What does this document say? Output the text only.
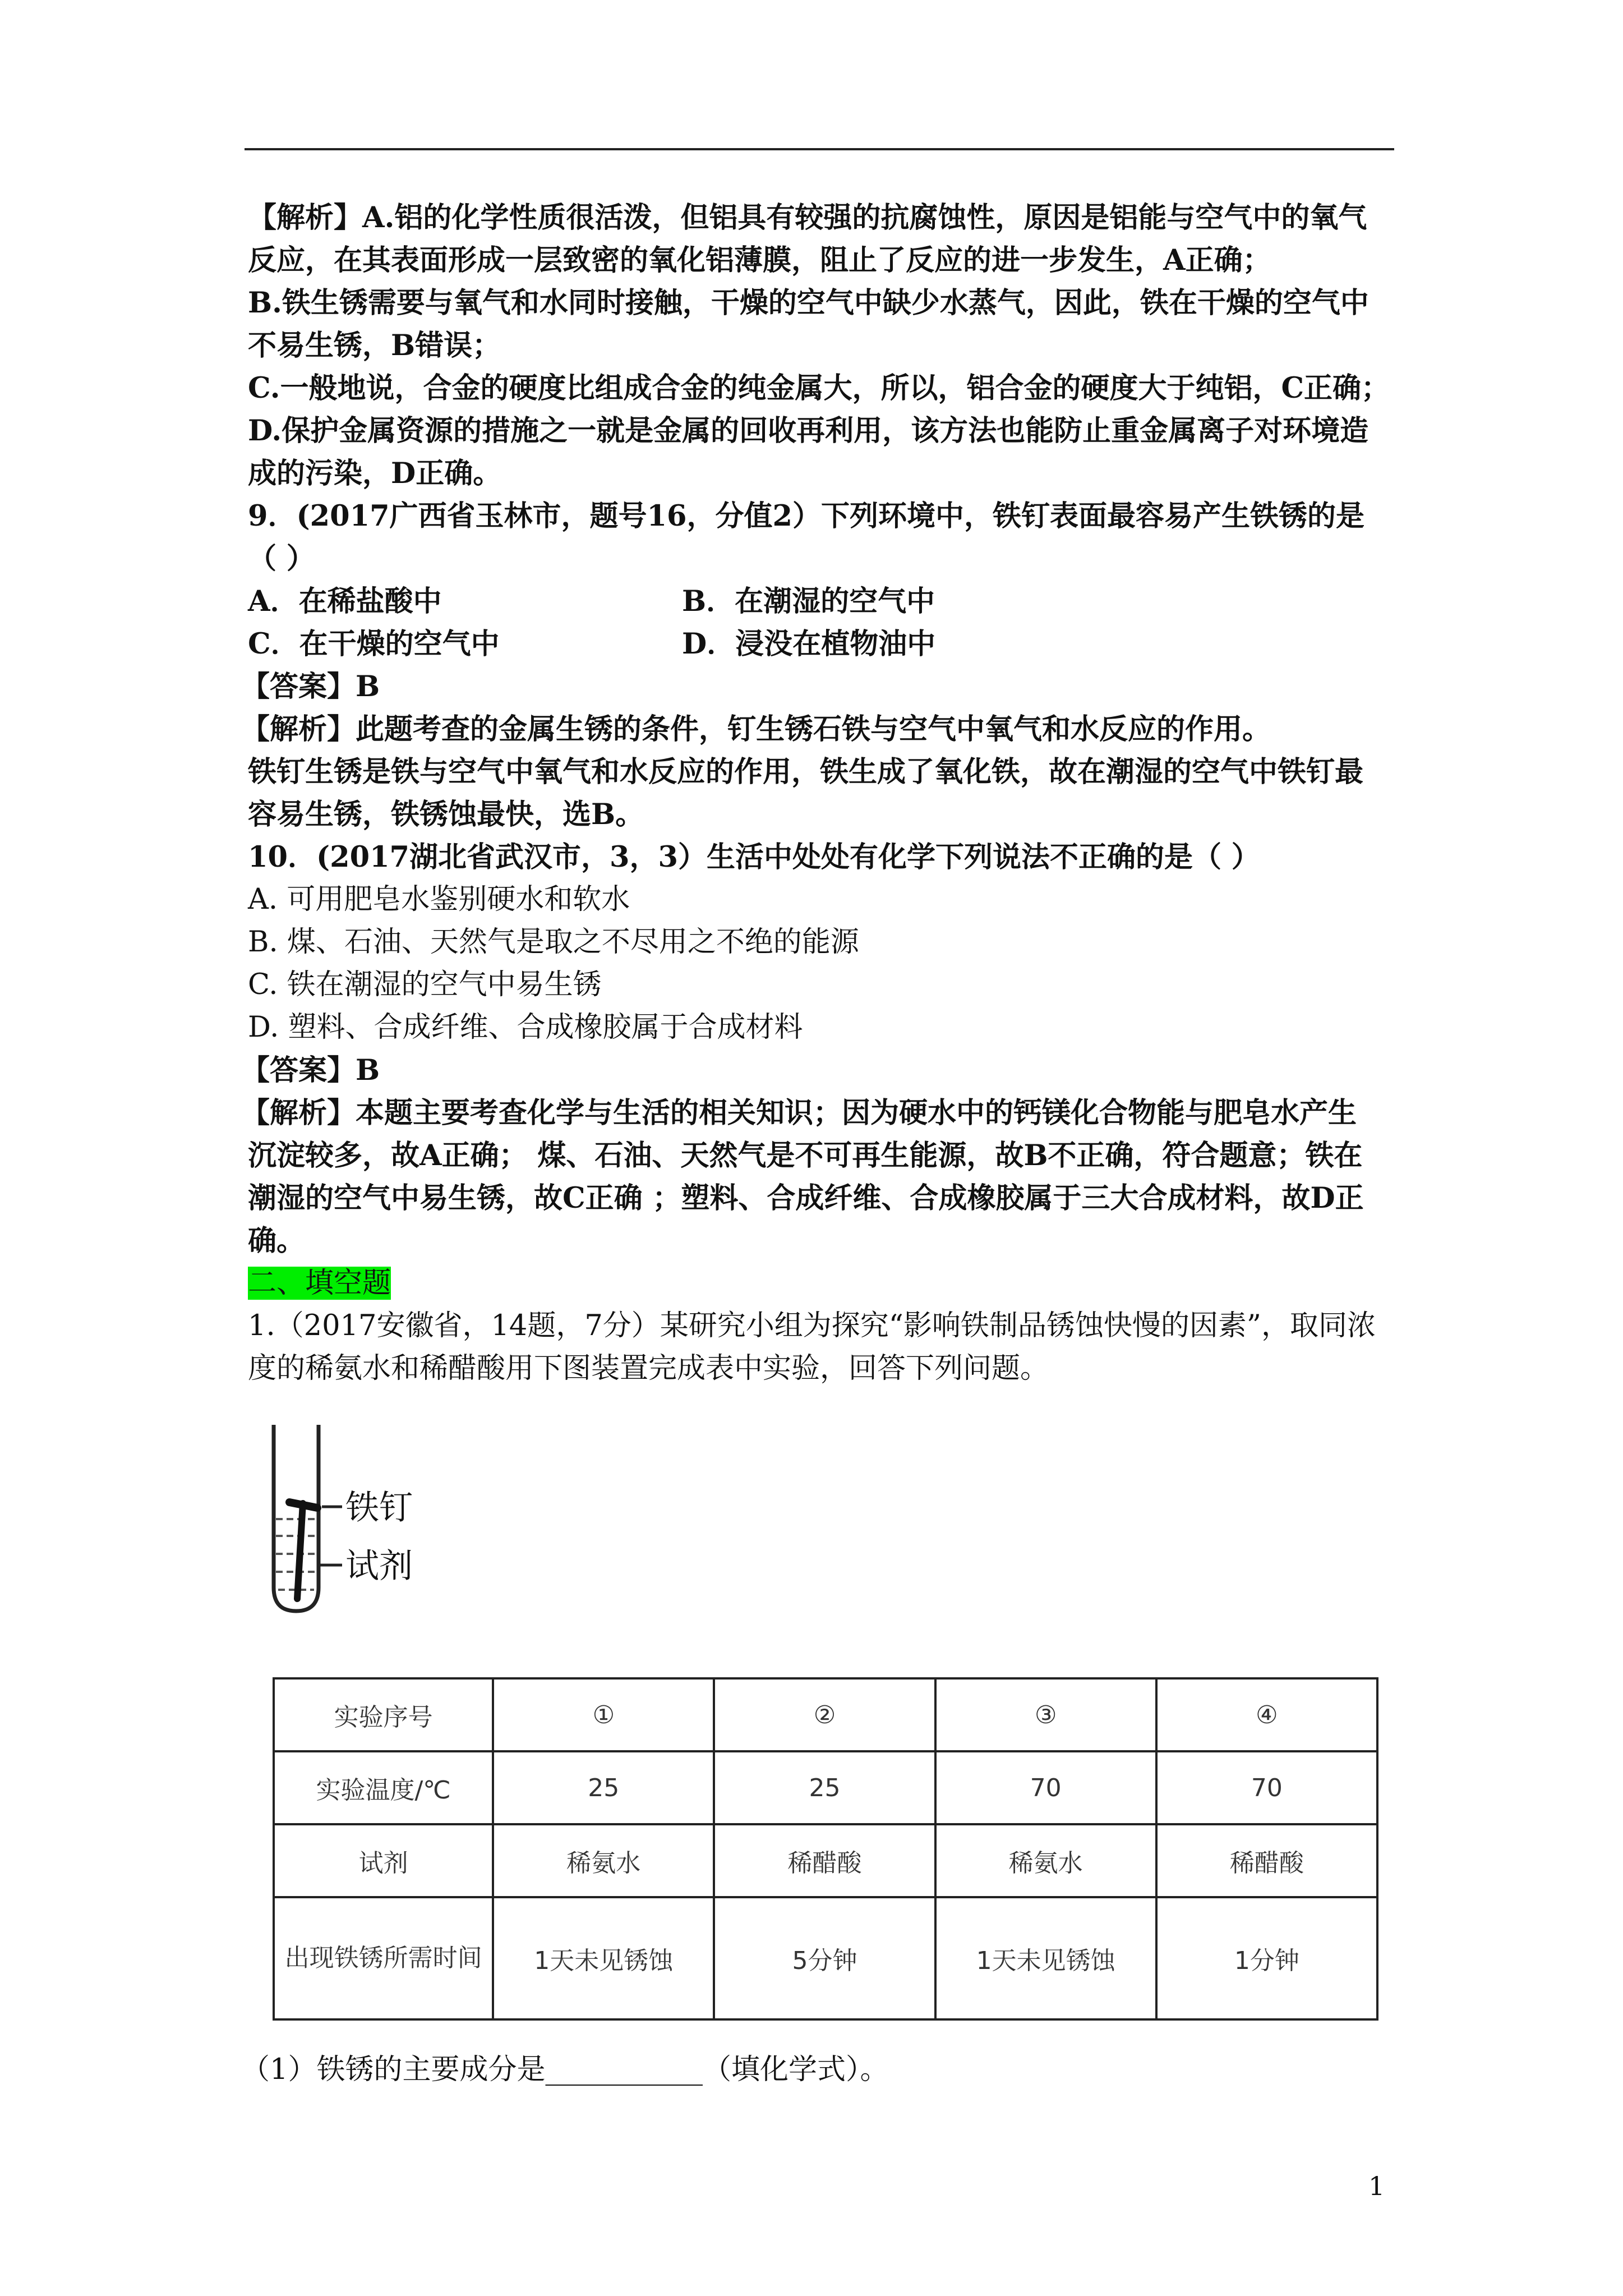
【解析】A.铝的化学性质很活泼，但铝具有较强的抗腐蚀性，原因是铝能与空气中的氧气
反应，在其表面形成一层致密的氧化铝薄膜，阻止了反应的进一步发生，A正确；
B.铁生锈需要与氧气和水同时接触，干燥的空气中缺少水蒸气，因此，铁在干燥的空气中
不易生锈，B错误；
C.一般地说，合金的硬度比组成合金的纯金属大，所以，铝合金的硬度大于纯铝，C正确；
D.保护金属资源的措施之一就是金属的回收再利用，该方法也能防止重金属离子对环境造
成的污染，D正确。
9．(2017广西省玉林市，题号16，分值2）下列环境中，铁钉表面最容易产生铁锈的是
（ ）
A．在稀盐酸中	B．在潮湿的空气中
C．在干燥的空气中	D．浸没在植物油中
【答案】B
【解析】此题考查的金属生锈的条件，钉生锈石铁与空气中氧气和水反应的作用。
铁钉生锈是铁与空气中氧气和水反应的作用，铁生成了氧化铁，故在潮湿的空气中铁钉最
容易生锈，铁锈蚀最快，选B。
10．(2017湖北省武汉市，3，3）生活中处处有化学下列说法不正确的是（ ）
A. 可用肥皂水鉴别硬水和软水
B. 煤、石油、天然气是取之不尽用之不绝的能源
C. 铁在潮湿的空气中易生锈
D. 塑料、合成纤维、合成橡胶属于合成材料
【答案】B
【解析】本题主要考查化学与生活的相关知识；因为硬水中的钙镁化合物能与肥皂水产生
沉淀较多，故A正确； 煤、石油、天然气是不可再生能源，故B不正确，符合题意；铁在
潮湿的空气中易生锈，故C正确 ；塑料、合成纤维、合成橡胶属于三大合成材料，故D正
确。
二、填空题
1.（2017安徽省，14题，7分）某研究小组为探究“影响铁制品锈蚀快慢的因素”，取同浓
度的稀氨水和稀醋酸用下图装置完成表中实验，回答下列问题。
铁钉
试剂
实验序号	①	②	③	④
实验温度/℃	25	25	70	70
试剂	稀氨水	稀醋酸	稀氨水	稀醋酸
出现铁锈所需时间	1天未见锈蚀	5分钟	1天未见锈蚀	1分钟
（1）铁锈的主要成分是___________（填化学式）。
1
